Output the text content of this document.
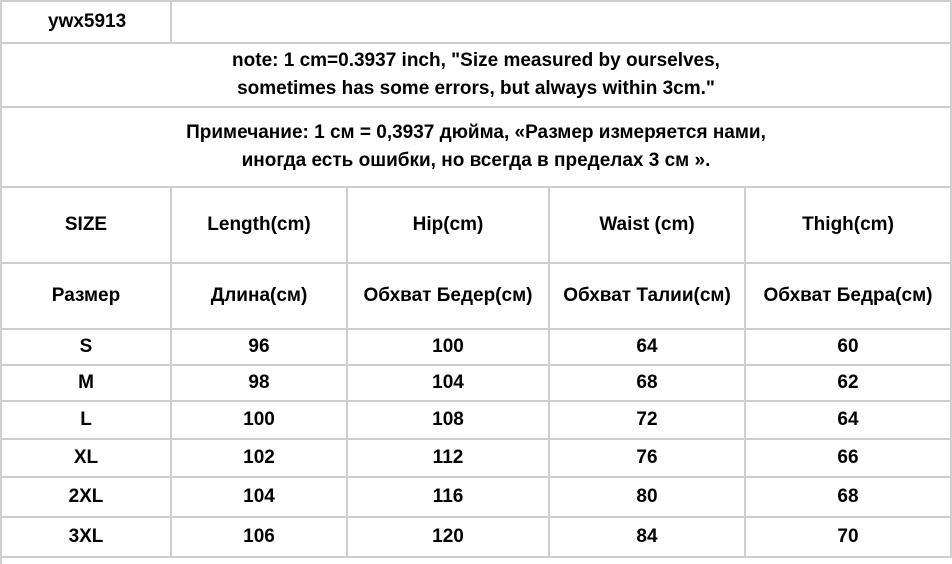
ywx5913
note: 1 cm=0.3937 inch, "Size measured by ourselves,
sometimes has some errors, but always within 3cm."
Примечание: 1 см = 0,3937 дюйма, «Размер измеряется нами,
иногда есть ошибки, но всегда в пределах 3 см ».
SIZE	Length(cm)	Hip(cm)	Waist (cm)	Thigh(cm)
Размер	Длина(см)	Обхват Бедер(см)	Обхват Талии(см)	Обхват Бедра(см)
S	96	100	64	60
M	98	104	68	62
L	100	108	72	64
XL	102	112	76	66
2XL	104	116	80	68
3XL	106	120	84	70
